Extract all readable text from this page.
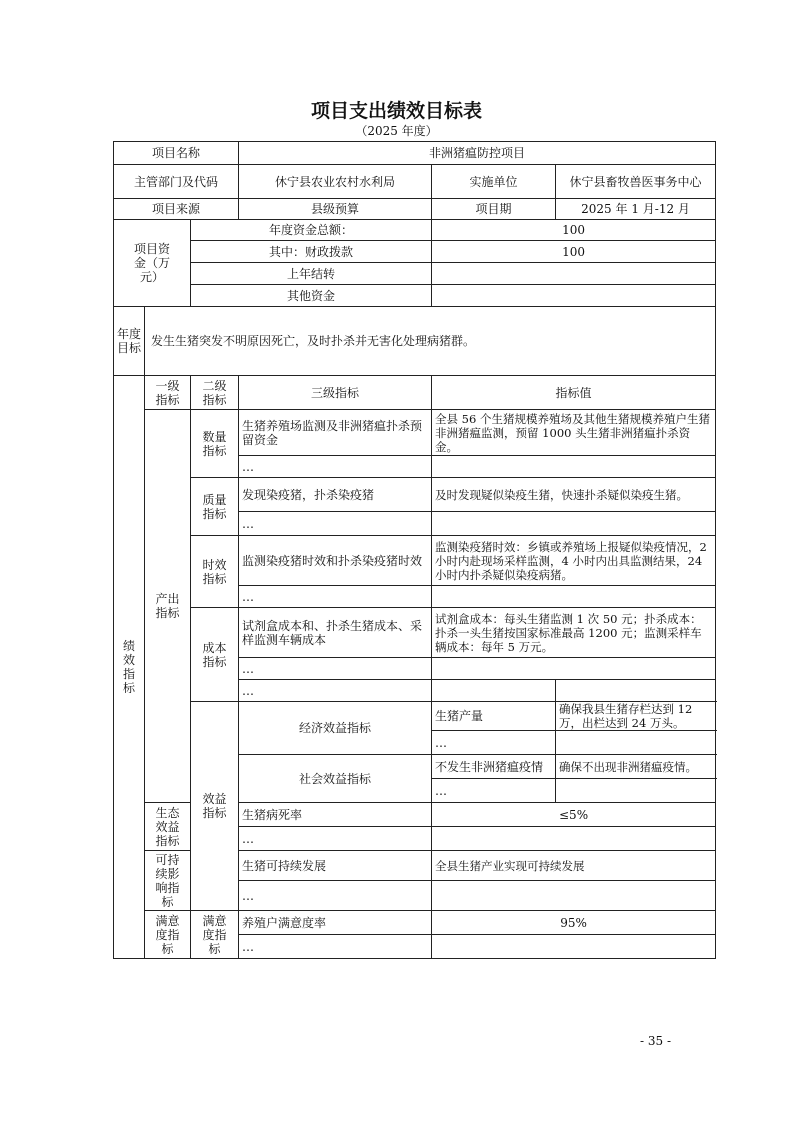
项目支出绩效目标表
（2025 年度）
项目名称			非洲猪瘟防控项目		
主管部门及代码			休宁县农业农村水利局	实施单位	休宁县畜牧兽医事务中心
项目来源			县级预算	项目期	2025 年 1 月-12 月
项目资金（万元）		年度资金总额：		100	
		其中：财政拨款		100	
		上年结转			
		其他资金			
年度目标	发生生猪突发不明原因死亡，及时扑杀并无害化处理病猪群。				
绩效指标	一级指标	二级指标	三级指标	指标值	
	产出指标	数量指标	生猪养殖场监测及非洲猪瘟扑杀预留资金	全县 56 个生猪规模养殖场及其他生猪规模养殖户生猪非洲猪瘟监测，预留 1000 头生猪非洲猪瘟扑杀资金。	
			…		
		质量指标	发现染疫猪，扑杀染疫猪	及时发现疑似染疫生猪，快速扑杀疑似染疫生猪。	
			…		
		时效指标	监测染疫猪时效和扑杀染疫猪时效	监测染疫猪时效：乡镇或养殖场上报疑似染疫情况，2 小时内赴现场采样监测，4 小时内出具监测结果，24 小时内扑杀疑似染疫病猪。	
			…		
		成本指标	试剂盒成本和、扑杀生猪成本、采样监测车辆成本	试剂盒成本：每头生猪监测 1 次 50 元；扑杀成本：扑杀一头生猪按国家标准最高 1200 元；监测采样车辆成本：每年 5 万元。	
			…		
			…		
		效益指标	经济效益指标	生猪产量	确保我县生猪存栏达到 12 万，出栏达到 24 万头。
				…	
			社会效益指标	不发生非洲猪瘟疫情	确保不出现非洲猪瘟疫情。
				…	
	生态效益指标		生猪病死率	≤5%	
			…		
	可持续影响指标		生猪可持续发展	全县生猪产业实现可持续发展	
			…		
	满意度指标	满意度指标	养殖户满意度率	95%	
			…		
- 35 -
